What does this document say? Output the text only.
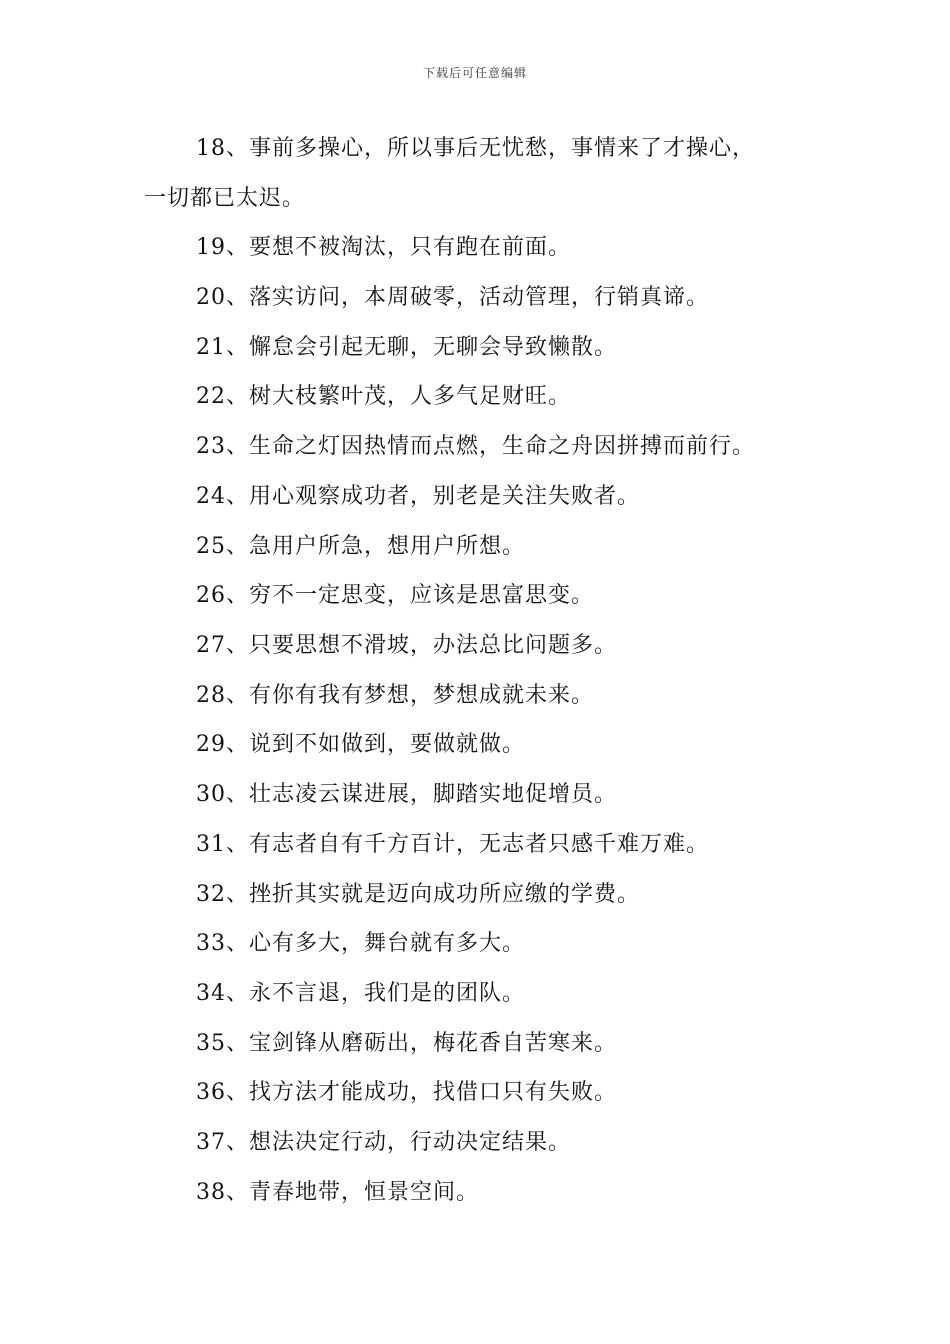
下载后可任意编辑
18、事前多操心，所以事后无忧愁，事情来了才操心，
一切都已太迟。
19、要想不被淘汰，只有跑在前面。
20、落实访问，本周破零，活动管理，行销真谛。
21、懈怠会引起无聊，无聊会导致懒散。
22、树大枝繁叶茂，人多气足财旺。
23、生命之灯因热情而点燃，生命之舟因拼搏而前行。
24、用心观察成功者，别老是关注失败者。
25、急用户所急，想用户所想。
26、穷不一定思变，应该是思富思变。
27、只要思想不滑坡，办法总比问题多。
28、有你有我有梦想，梦想成就未来。
29、说到不如做到，要做就做。
30、壮志凌云谋进展，脚踏实地促增员。
31、有志者自有千方百计，无志者只感千难万难。
32、挫折其实就是迈向成功所应缴的学费。
33、心有多大，舞台就有多大。
34、永不言退，我们是的团队。
35、宝剑锋从磨砺出，梅花香自苦寒来。
36、找方法才能成功，找借口只有失败。
37、想法决定行动，行动决定结果。
38、青春地带，恒景空间。
